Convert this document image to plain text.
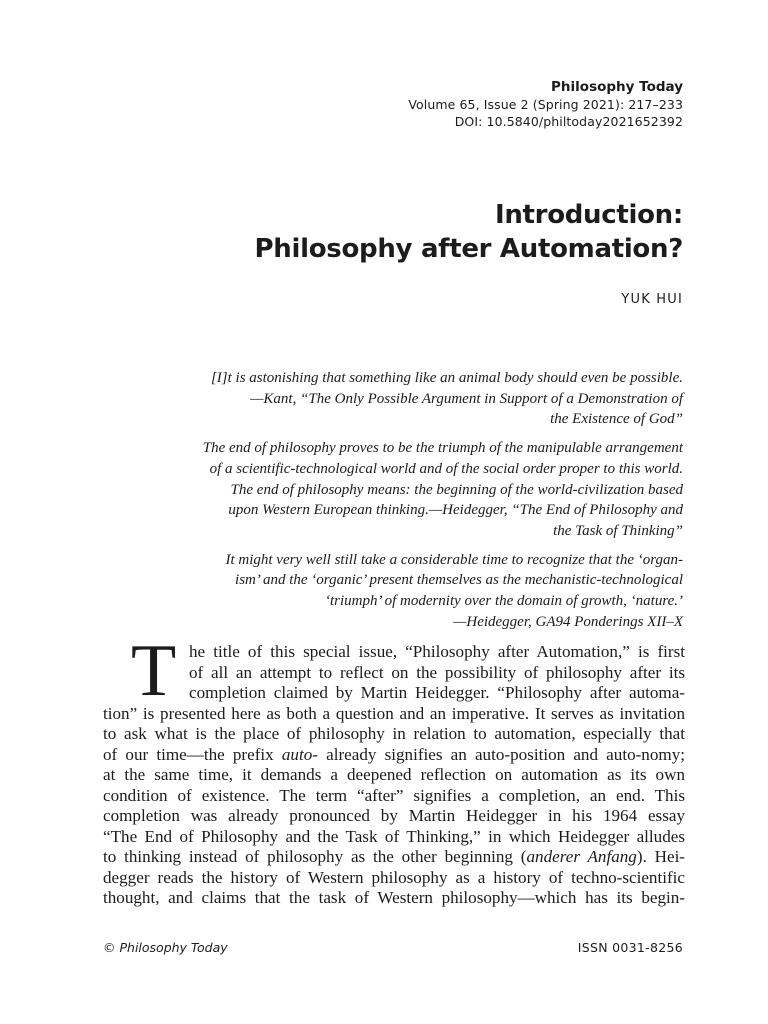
Philosophy Today
Volume 65, Issue 2 (Spring 2021): 217–233
DOI: 10.5840/philtoday2021652392
Introduction:
Philosophy after Automation?
YUK HUI
[I]t is astonishing that something like an animal body should even be possible.
—Kant, “The Only Possible Argument in Support of a Demonstration of
the Existence of God”
The end of philosophy proves to be the triumph of the manipulable arrangement
of a scientific-technological world and of the social order proper to this world.
The end of philosophy means: the beginning of the world-civilization based
upon Western European thinking.—Heidegger, “The End of Philosophy and
the Task of Thinking”
It might very well still take a considerable time to recognize that the ‘organ-
ism’ and the ‘organic’ present themselves as the mechanistic-technological
‘triumph’ of modernity over the domain of growth, ‘nature.’
—Heidegger, GA94 Ponderings XII–X
T he title of this special issue, “Philosophy after Automation,” is first
of all an attempt to reflect on the possibility of philosophy after its
completion claimed by Martin Heidegger. “Philosophy after automa-
tion” is presented here as both a question and an imperative. It serves as invitation
to ask what is the place of philosophy in relation to automation, especially that
of our time—the prefix auto- already signifies an auto-position and auto-nomy;
at the same time, it demands a deepened reflection on automation as its own
condition of existence. The term “after” signifies a completion, an end. This
completion was already pronounced by Martin Heidegger in his 1964 essay
“The End of Philosophy and the Task of Thinking,” in which Heidegger alludes
to thinking instead of philosophy as the other beginning (anderer Anfang). Hei-
degger reads the history of Western philosophy as a history of techno-scientific
thought, and claims that the task of Western philosophy—which has its begin-
© Philosophy Today	ISSN 0031-8256
